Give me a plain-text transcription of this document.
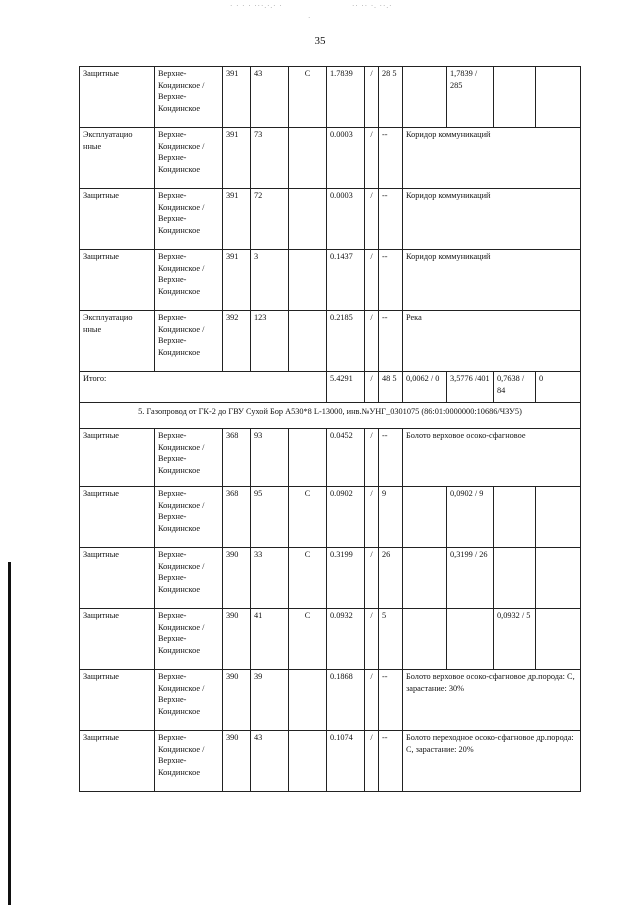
· · · · ···.·.· ·
·
·· ·· ·. ··.·
35
Защитные	Верхне-Кондинское / Верхне-Кондинское	391	43	С	1.7839	/	28 5		1,7839 / 285		
Эксплуатацио нные	Верхне-Кондинское / Верхне-Кондинское	391	73		0.0003	/	--	Коридор коммуникаций			
Защитные	Верхне-Кондинское / Верхне-Кондинское	391	72		0.0003	/	--	Коридор коммуникаций			
Защитные	Верхне-Кондинское / Верхне-Кондинское	391	3		0.1437	/	--	Коридор коммуникаций			
Эксплуатацио нные	Верхне-Кондинское / Верхне-Кондинское	392	123		0.2185	/	--	Река			
Итого:					5.4291	/	48 5	0,0062 / 0	3,5776 /401	0,7638 / 84	0
5. Газопровод от ГК-2 до ГВУ Сухой Бор А530*8 L-13000, инв.№УНГ_0301075 (86:01:0000000:10686/ЧЗУ5)											
Защитные	Верхне-Кондинское / Верхне-Кондинское	368	93		0.0452	/	--	Болото верховое осоко-сфагновое			
Защитные	Верхне-Кондинское / Верхне-Кондинское	368	95	С	0.0902	/	9		0,0902 / 9		
Защитные	Верхне-Кондинское / Верхне-Кондинское	390	33	С	0.3199	/	26		0,3199 / 26		
Защитные	Верхне-Кондинское / Верхне-Кондинское	390	41	С	0.0932	/	5			0,0932 / 5	
Защитные	Верхне-Кондинское / Верхне-Кондинское	390	39		0.1868	/	--	Болото верховое осоко-сфагновое др.порода: С, зарастание: 30%			
Защитные	Верхне-Кондинское / Верхне-Кондинское	390	43		0.1074	/	--	Болото переходное осоко-сфагновое др.порода: С, зарастание: 20%			
